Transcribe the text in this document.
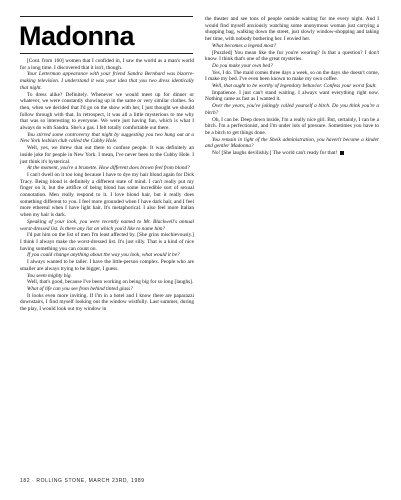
Madonna

[Cont. from 160] women that I confided in, I saw the world as a man's world for a long time. I discovered that it isn't, though.

Your Letterman appearance with your friend Sandra Bernhard was bizarre-making television. I understand it was your idea that you two dress identically that night.

To dress alike? Definitely. Whenever we would meet up for dinner or whatever, we were constantly showing up in the same or very similar clothes. So then, when we decided that I'd go on the show with her, I just thought we should follow through with that. In retrospect, it was all a little mysterious to me why that was so interesting to everyone. We were just having fun, which is what I always do with Sandra. She's a gas. I felt totally comfortable out there.

You stirred some controversy that night by suggesting you two hung out at a New York lesbian club called the Cubby Hole.

Well, yes, we threw that out there to confuse people. It was definitely an inside joke for people in New York. I mean, I've never been to the Cubby Hole. I just think it's hysterical.

At the moment, you're a brunette. How different does brown feel from blond?

I can't dwell on it too long because I have to dye my hair blond again for Dick Tracy. Being blond is definitely a different state of mind. I can't really put my finger on it, but the artifice of being blond has some incredible sort of sexual connotation. Men really respond to it. I love blond hair, but it really does something different to you. I feel more grounded when I have dark hair, and I feel more ethereal when I have light hair. It's metaphorical. I also feel more Italian when my hair is dark.

Speaking of your look, you were recently named to Mr. Blackwell's annual worst-dressed list. Is there any list on which you'd like to name him?

I'd put him on the list of men I'm least affected by. [She grins mischievously.] I think I always make the worst-dressed list. It's just silly. That is a kind of nice having something you can count on.

If you could change anything about the way you look, what would it be?

I always wanted to be taller. I have the little-person complex. People who are smaller are always trying to be bigger, I guess.

You seem mighty big.

Well, that's good, because I've been working on being big for so long [laughs].

What of life can you see from behind tinted glass?

It looks even more inviting. If I'm in a hotel and I know there are paparazzi downstairs, I find myself looking out the window wistfully. Last summer, during the play, I would look out my window in

the theater and see tons of people outside waiting for me every night. And I would find myself anxiously watching some anonymous woman just carrying a shopping bag, walking down the street, just slowly window-shopping and taking her time, with nobody bothering her. I envied her.

What becomes a legend most?

[Puzzled] You mean like the fur you're wearing? Is that a question? I don't know. I think that's one of the great mysteries.

Do you make your own bed?

Yes, I do. The maid comes three days a week, so on the days she doesn't come, I make my bed. I've even been known to make my own coffee.

Well, that ought to be worthy of legendary behavior. Confess your worst fault.

Impatience. I just can't stand waiting. I always want everything right now. Nothing came as fast as I wanted it.

Over the years, you've jokingly called yourself a bitch. Do you think you're a bitch?

Oh, I can be. Deep down inside, I'm a really nice girl. But, certainly, I can be a bitch. I'm a perfectionist, and I'm under lots of pressure. Sometimes you have to be a bitch to get things done.

You remain in light of the Sheik administration, you haven't become a kinder and gentler Madonna?

No! [She laughs devilishly.] The world can't ready for that!

182 · ROLLING STONE, MARCH 23RD, 1989
